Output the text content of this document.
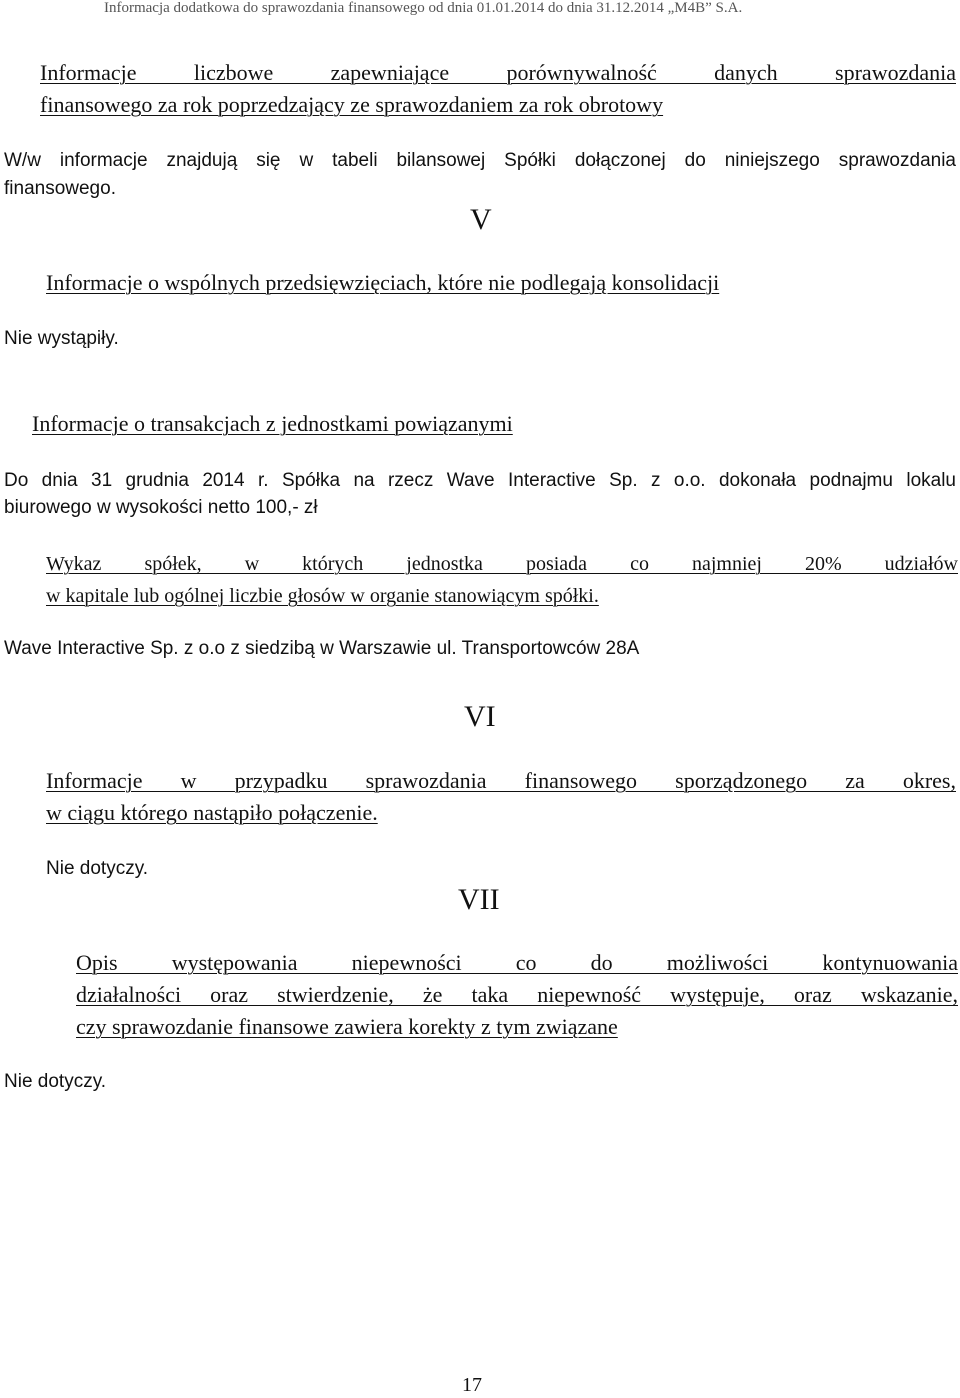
Informacja dodatkowa do sprawozdania finansowego od dnia 01.01.2014 do dnia 31.12.2014 „M4B” S.A.
Informacje liczbowe zapewniające porównywalność danych sprawozdania
finansowego za rok poprzedzający ze sprawozdaniem za rok obrotowy
W/w informacje znajdują się w tabeli bilansowej Spółki dołączonej do niniejszego sprawozdania
finansowego.
V
Informacje o wspólnych przedsięwzięciach, które nie podlegają konsolidacji
Nie wystąpiły.
Informacje o transakcjach z jednostkami powiązanymi
Do dnia 31 grudnia 2014 r. Spółka na rzecz Wave Interactive Sp. z o.o. dokonała podnajmu lokalu
biurowego w wysokości netto 100,- zł
Wykaz spółek, w których jednostka posiada co najmniej 20% udziałów
w kapitale lub ogólnej liczbie głosów w organie stanowiącym spółki.
Wave Interactive Sp. z o.o z siedzibą w Warszawie ul. Transportowców 28A
VI
Informacje w przypadku sprawozdania finansowego sporządzonego za okres,
w ciągu którego nastąpiło połączenie.
Nie dotyczy.
VII
Opis występowania niepewności co do możliwości kontynuowania
działalności oraz stwierdzenie, że taka niepewność występuje, oraz wskazanie,
czy sprawozdanie finansowe zawiera korekty z tym związane
Nie dotyczy.
17
